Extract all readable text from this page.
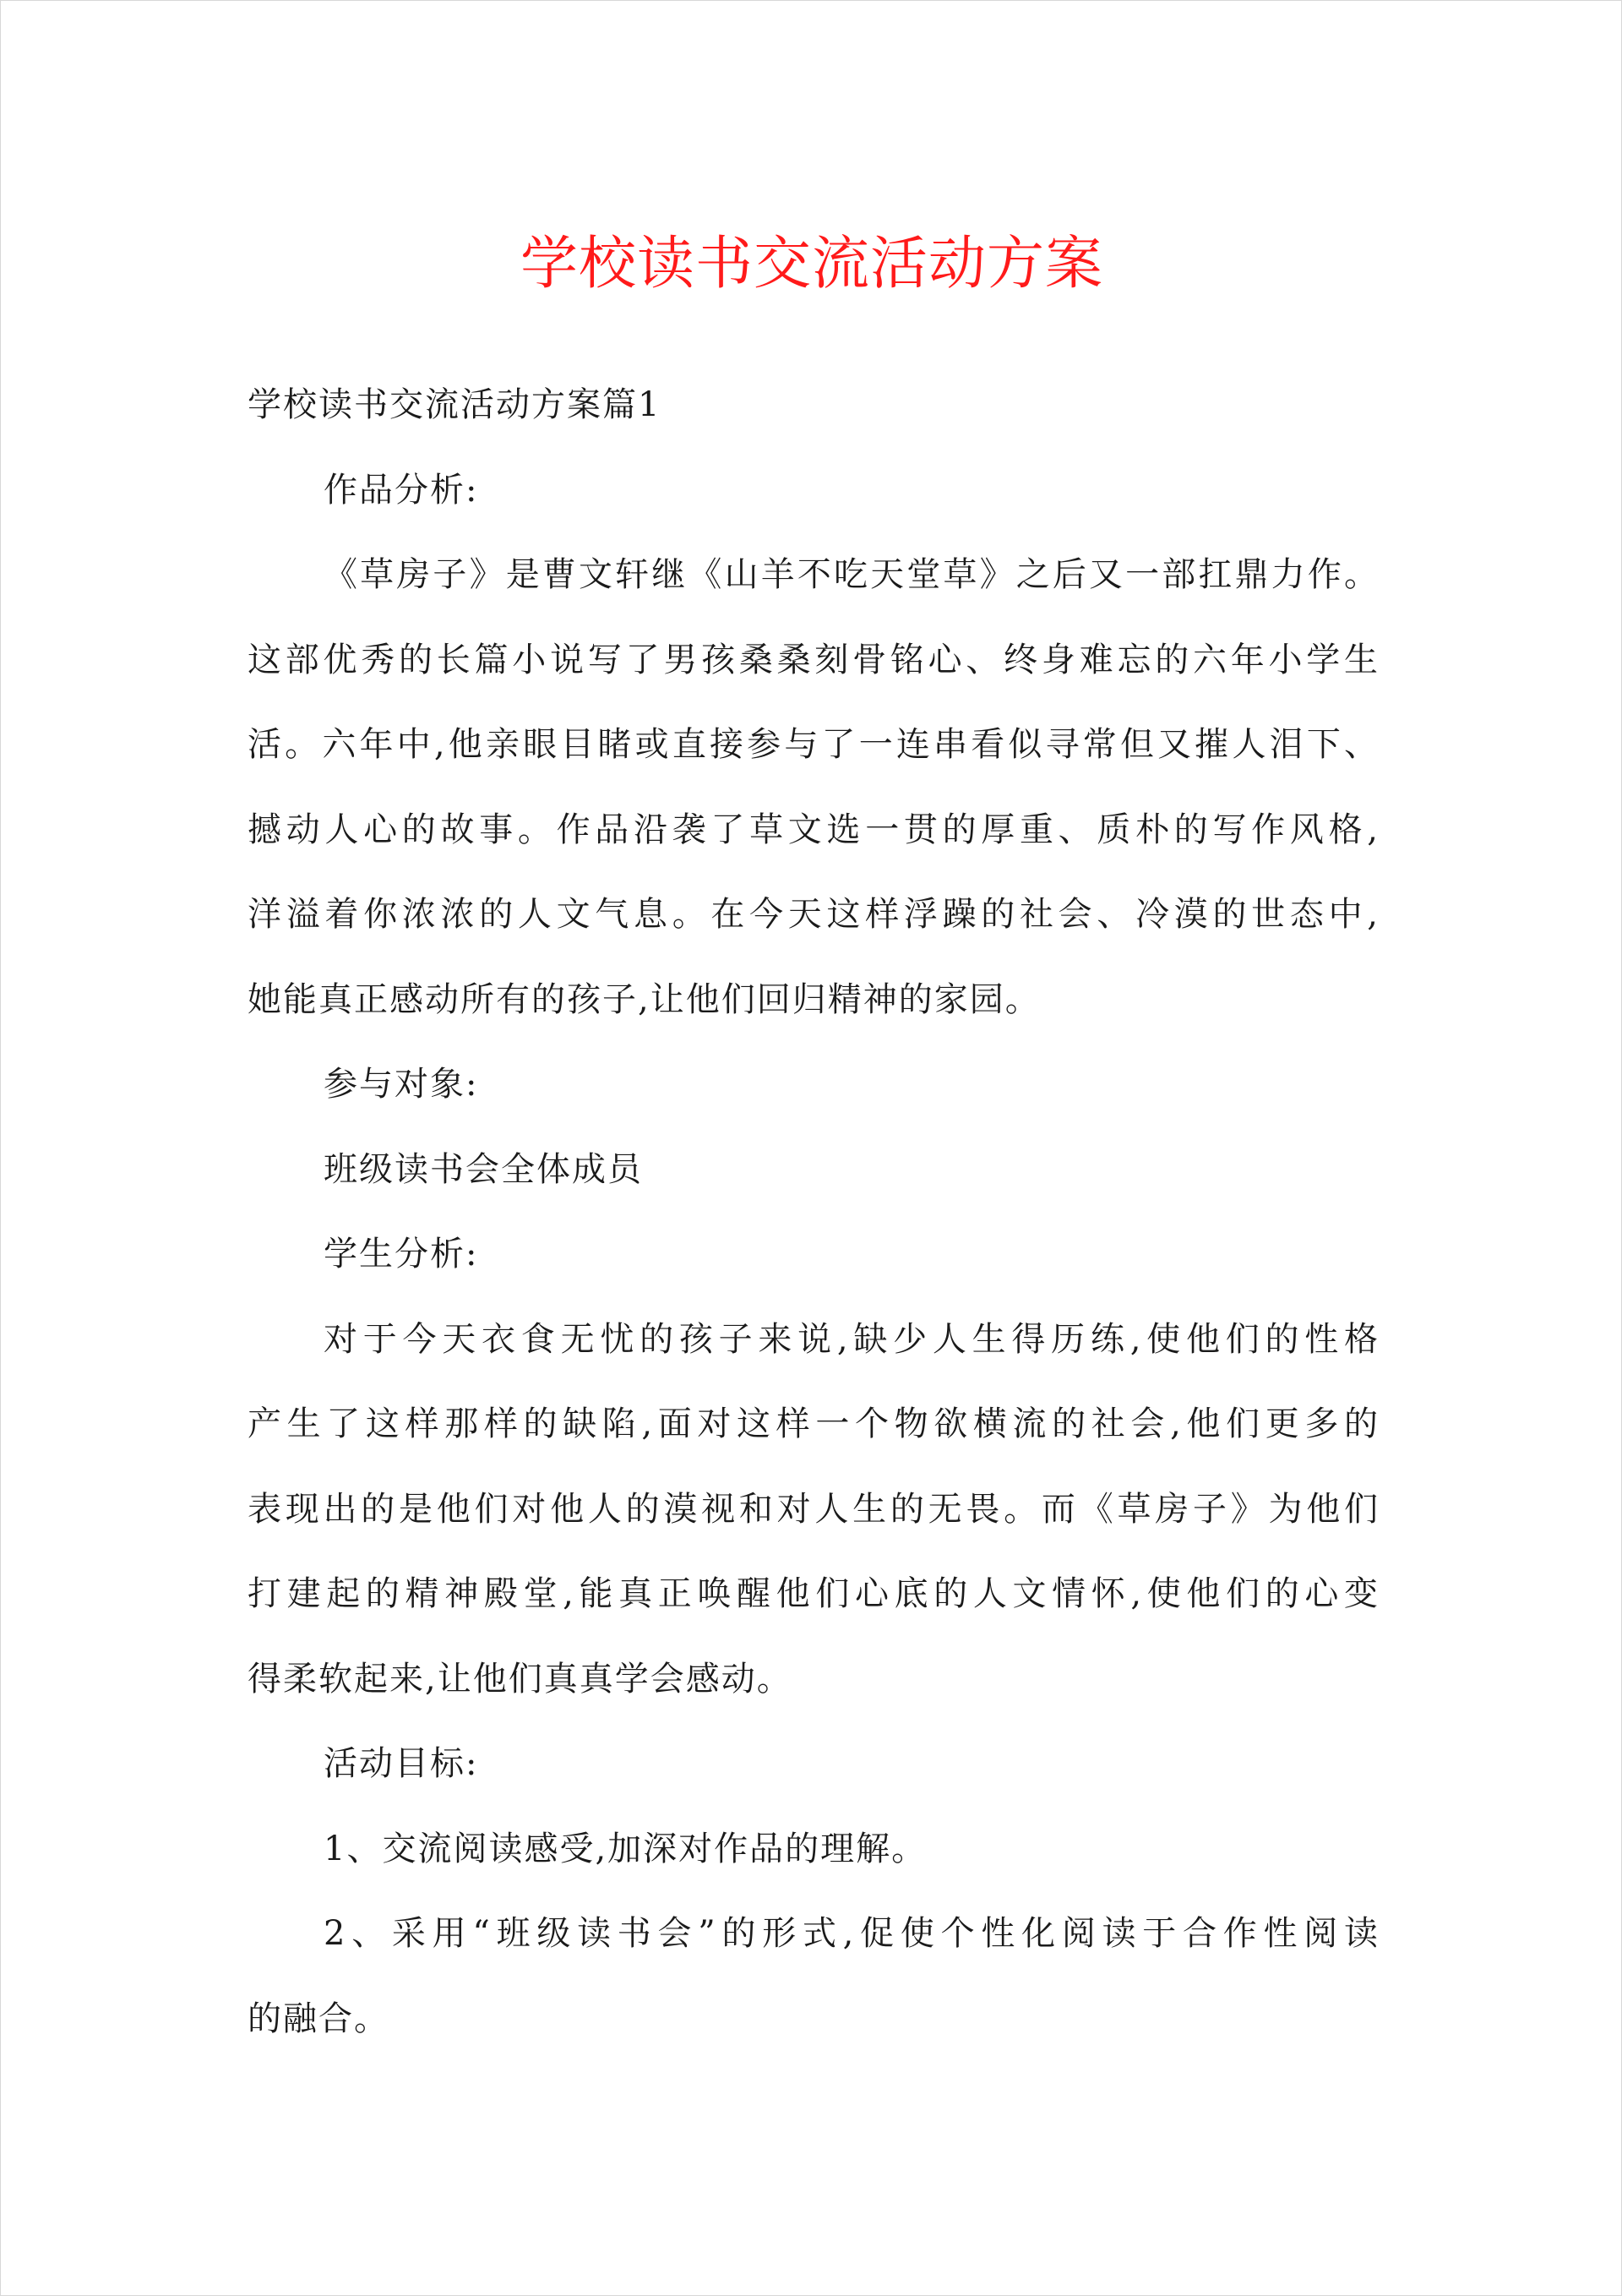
学校读书交流活动方案

学校读书交流活动方案篇1

作品分析:

《草房子》是曹文轩继《山羊不吃天堂草》之后又一部扛鼎力作。

这部优秀的长篇小说写了男孩桑桑刻骨铭心、终身难忘的六年小学生

活。六年中,他亲眼目睹或直接参与了一连串看似寻常但又摧人泪下、

撼动人心的故事。作品沿袭了草文选一贯的厚重、质朴的写作风格,

洋溢着你浓浓的人文气息。在今天这样浮躁的社会、冷漠的世态中,

她能真正感动所有的孩子,让他们回归精神的家园。

参与对象:

班级读书会全体成员

学生分析:

对于今天衣食无忧的孩子来说,缺少人生得历练,使他们的性格

产生了这样那样的缺陷,面对这样一个物欲横流的社会,他们更多的

表现出的是他们对他人的漠视和对人生的无畏。而《草房子》为他们

打建起的精神殿堂,能真正唤醒他们心底的人文情怀,使他们的心变

得柔软起来,让他们真真学会感动。

活动目标:

1、交流阅读感受,加深对作品的理解。

2、采用“班级读书会”的形式,促使个性化阅读于合作性阅读

的融合。
